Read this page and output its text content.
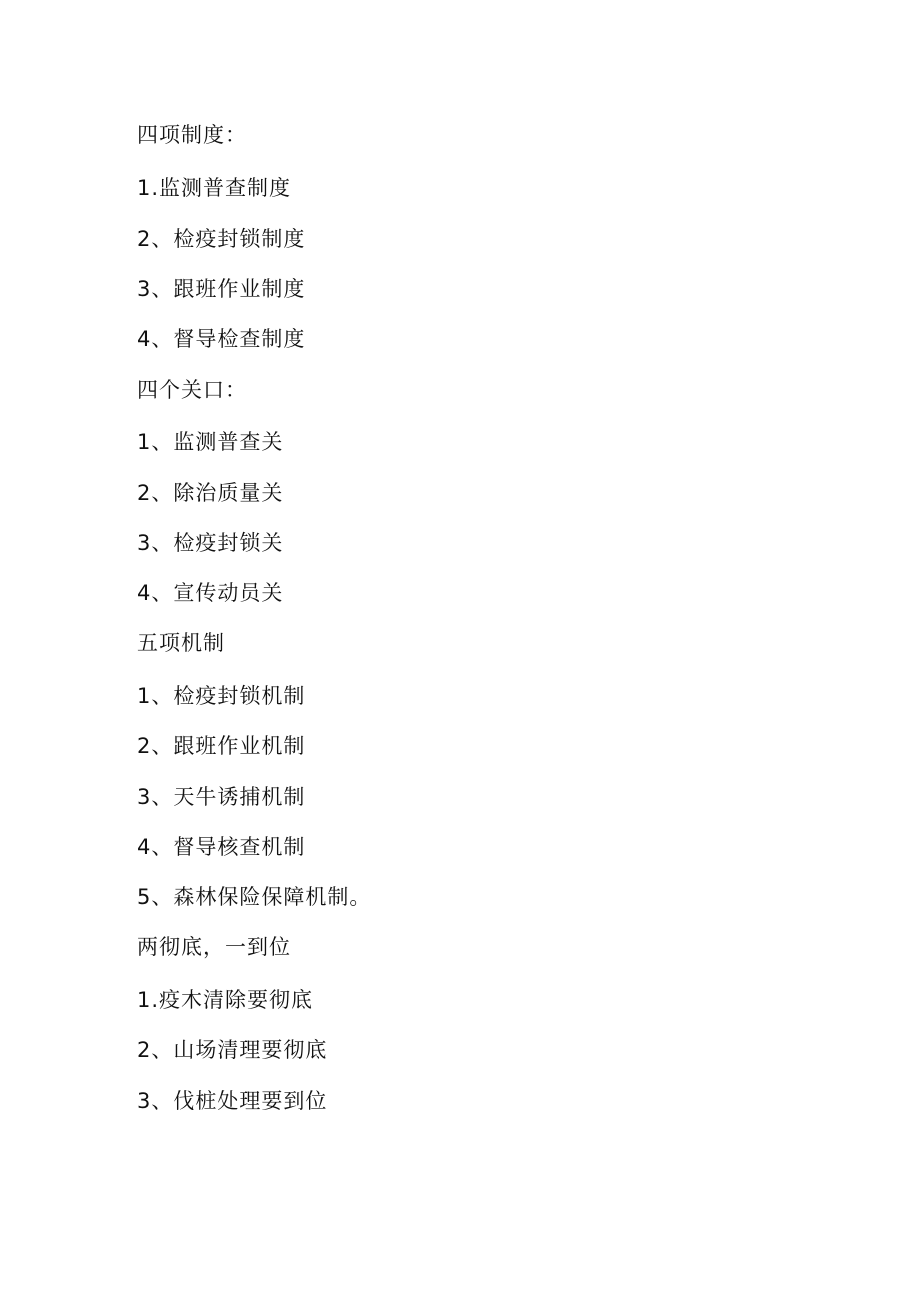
四项制度：
1.监测普查制度
2、检疫封锁制度
3、跟班作业制度
4、督导检查制度
四个关口：
1、监测普查关
2、除治质量关
3、检疫封锁关
4、宣传动员关
五项机制
1、检疫封锁机制
2、跟班作业机制
3、天牛诱捕机制
4、督导核查机制
5、森林保险保障机制。
两彻底，一到位
1.疫木清除要彻底
2、山场清理要彻底
3、伐桩处理要到位
